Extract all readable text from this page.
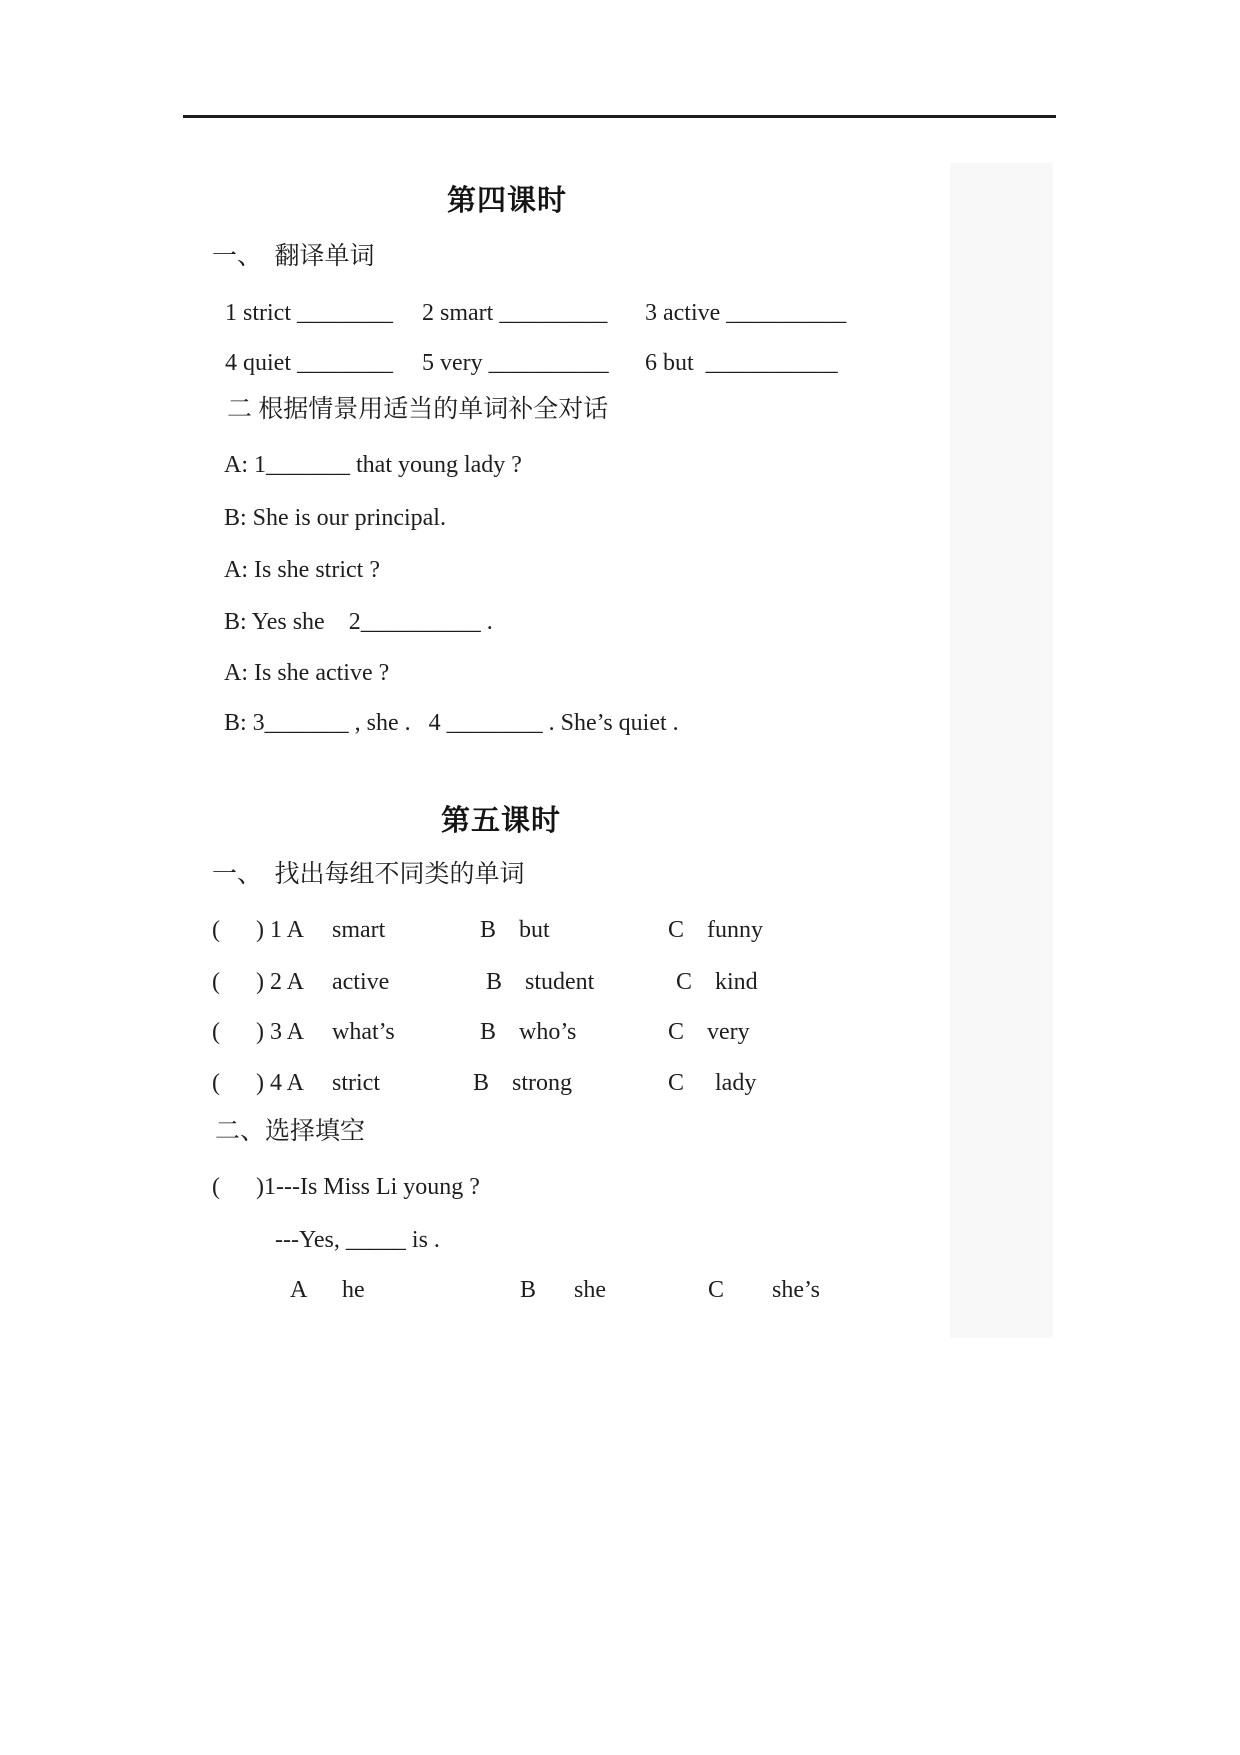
第四课时
一、  翻译单词
1 strict ________ 2 smart _________ 3 active __________
4 quiet ________ 5 very __________ 6 but  ___________
二 根据情景用适当的单词补全对话
A: 1_______ that young lady ?
B: She is our principal.
A: Is she strict ?
B: Yes she    2__________ .
A: Is she active ?
B: 3_______ , she .   4 ________ . She’s quiet .
第五课时
一、  找出每组不同类的单词
(      ) 1 A smart	B but	C funny
(      ) 2 A active	B student	C kind
(      ) 3 A what’s	B who’s	C very
(      ) 4 A strict	B strong	C lady
二、选择填空
(      )1---Is Miss Li young ?
---Yes, _____ is .
A he	B she	C she’s
